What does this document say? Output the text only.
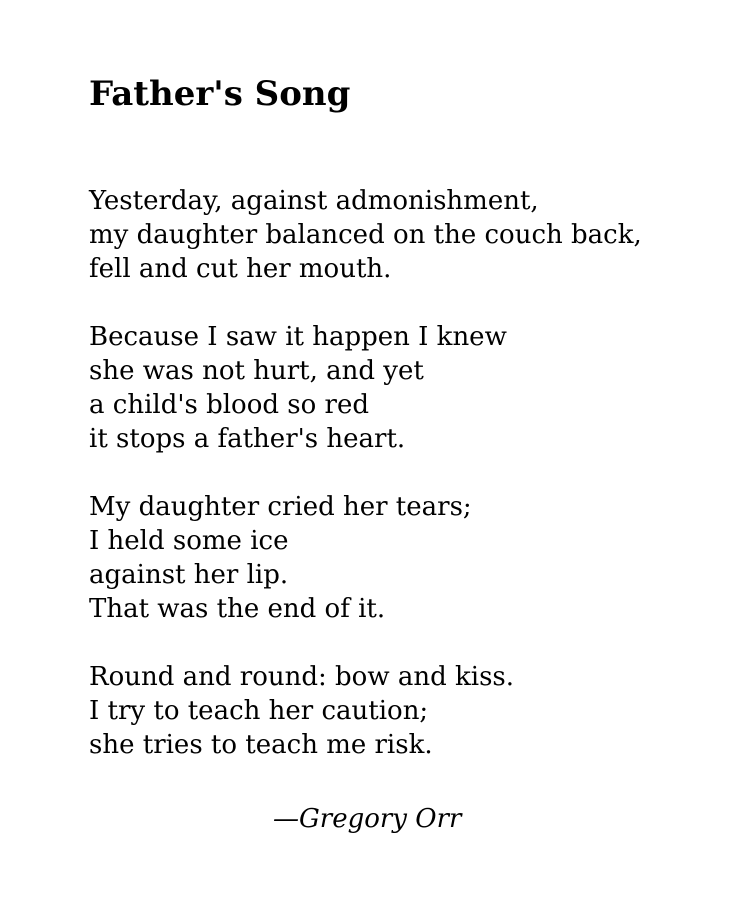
Father's Song
Yesterday, against admonishment,
my daughter balanced on the couch back,
fell and cut her mouth.
Because I saw it happen I knew
she was not hurt, and yet
a child's blood so red
it stops a father's heart.
My daughter cried her tears;
I held some ice
against her lip.
That was the end of it.
Round and round: bow and kiss.
I try to teach her caution;
she tries to teach me risk.

—Gregory Orr
